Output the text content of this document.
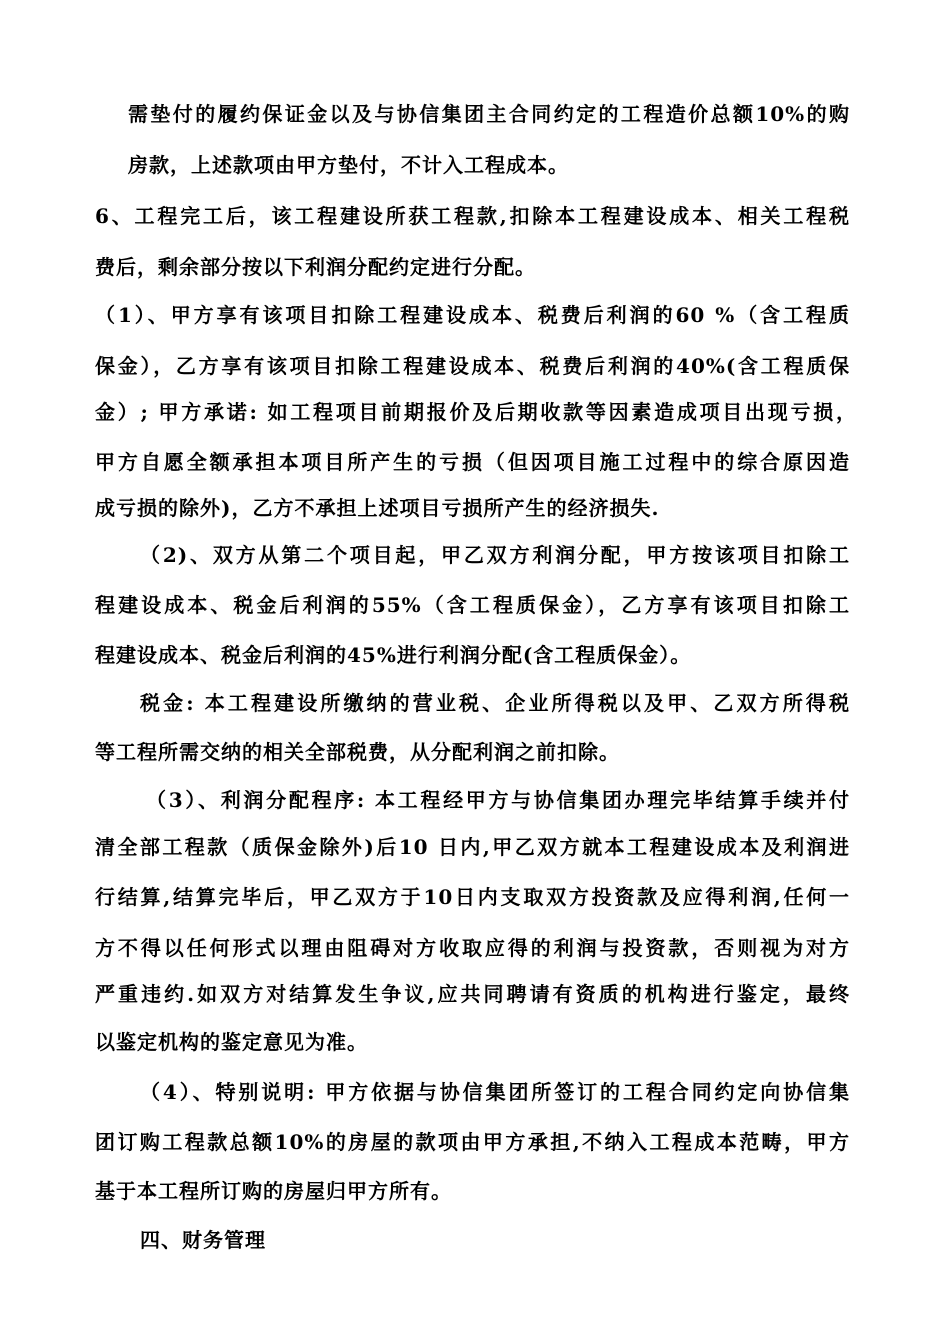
需垫付的履约保证金以及与协信集团主合同约定的工程造价总额10%的购
房款，上述款项由甲方垫付，不计入工程成本。
6、工程完工后，该工程建设所获工程款,扣除本工程建设成本、相关工程税
费后，剩余部分按以下利润分配约定进行分配。
（1）、甲方享有该项目扣除工程建设成本、税费后利润的60 %（含工程质
保金），乙方享有该项目扣除工程建设成本、税费后利润的40%(含工程质保
金）; 甲方承诺: 如工程项目前期报价及后期收款等因素造成项目出现亏损，
甲方自愿全额承担本项目所产生的亏损（但因项目施工过程中的综合原因造
成亏损的除外)，乙方不承担上述项目亏损所产生的经济损失.
（2)、双方从第二个项目起，甲乙双方利润分配，甲方按该项目扣除工
程建设成本、税金后利润的55%（含工程质保金），乙方享有该项目扣除工
程建设成本、税金后利润的45%进行利润分配(含工程质保金）。
税金: 本工程建设所缴纳的营业税、企业所得税以及甲、乙双方所得税
等工程所需交纳的相关全部税费，从分配利润之前扣除。
（3）、利润分配程序: 本工程经甲方与协信集团办理完毕结算手续并付
清全部工程款（质保金除外)后10 日内,甲乙双方就本工程建设成本及利润进
行结算,结算完毕后，甲乙双方于10日内支取双方投资款及应得利润,任何一
方不得以任何形式以理由阻碍对方收取应得的利润与投资款，否则视为对方
严重违约.如双方对结算发生争议,应共同聘请有资质的机构进行鉴定，最终
以鉴定机构的鉴定意见为准。
（4）、特别说明: 甲方依据与协信集团所签订的工程合同约定向协信集
团订购工程款总额10%的房屋的款项由甲方承担,不纳入工程成本范畴，甲方
基于本工程所订购的房屋归甲方所有。
四、财务管理
